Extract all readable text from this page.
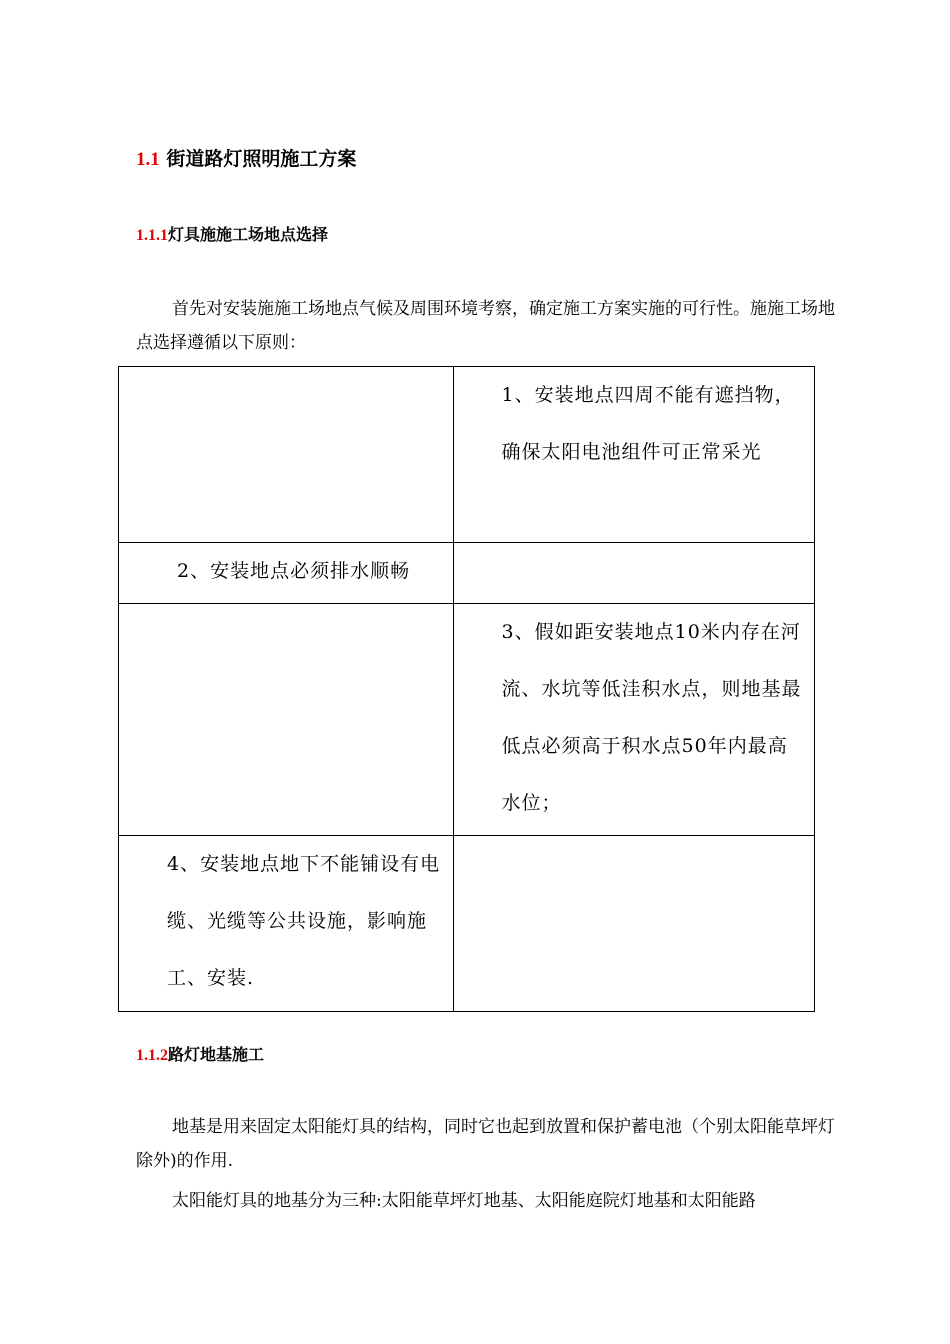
1.1 街道路灯照明施工方案
1.1.1灯具施施工场地点选择
首先对安装施施工场地点气候及周围环境考察，确定施工方案实施的可行性。施施工场地点选择遵循以下原则：
	1、安装地点四周不能有遮挡物，确保太阳电池组件可正常采光
2、安装地点必须排水顺畅	
	3、假如距安装地点10米内存在河流、水坑等低洼积水点，则地基最低点必须高于积水点50年内最高水位；
4、安装地点地下不能铺设有电缆、光缆等公共设施，影响施工、安装.	
1.1.2路灯地基施工
地基是用来固定太阳能灯具的结构，同时它也起到放置和保护蓄电池（个别太阳能草坪灯除外)的作用.
太阳能灯具的地基分为三种:太阳能草坪灯地基、太阳能庭院灯地基和太阳能路
